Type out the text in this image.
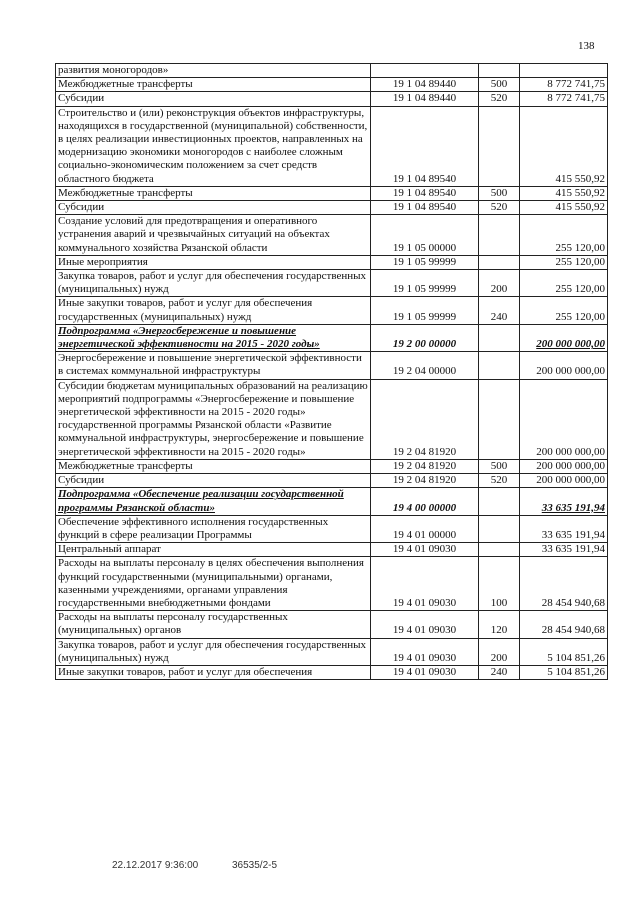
138
развития моногородов»			
Межбюджетные трансферты	19 1 04 89440	500	8 772 741,75
Субсидии	19 1 04 89440	520	8 772 741,75
Строительство и (или) реконструкция объектов инфраструктуры, находящихся в государственной (муниципальной) собственности, в целях реализации инвестиционных проектов, направленных на модернизацию экономики моногородов с наиболее сложным социально-экономическим положением за счет средств областного бюджета	19 1 04 89540		415 550,92
Межбюджетные трансферты	19 1 04 89540	500	415 550,92
Субсидии	19 1 04 89540	520	415 550,92
Создание условий для предотвращения и оперативного устранения аварий и чрезвычайных ситуаций на объектах коммунального хозяйства Рязанской области	19 1 05 00000		255 120,00
Иные мероприятия	19 1 05 99999		255 120,00
Закупка товаров, работ и услуг для обеспечения государственных (муниципальных) нужд	19 1 05 99999	200	255 120,00
Иные закупки товаров, работ и услуг для обеспечения государственных (муниципальных) нужд	19 1 05 99999	240	255 120,00
Подпрограмма «Энергосбережение и повышение энергетической эффективности на 2015 - 2020 годы»	19 2 00 00000		200 000 000,00
Энергосбережение и повышение энергетической эффективности в системах коммунальной инфраструктуры	19 2 04 00000		200 000 000,00
Субсидии бюджетам муниципальных образований на реализацию мероприятий подпрограммы «Энергосбережение и повышение энергетической эффективности на 2015 - 2020 годы» государственной программы Рязанской области «Развитие коммунальной инфраструктуры, энергосбережение и повышение энергетической эффективности на 2015 - 2020 годы»	19 2 04 81920		200 000 000,00
Межбюджетные трансферты	19 2 04 81920	500	200 000 000,00
Субсидии	19 2 04 81920	520	200 000 000,00
Подпрограмма «Обеспечение реализации государственной программы Рязанской области»	19 4 00 00000		33 635 191,94
Обеспечение эффективного исполнения государственных функций в сфере реализации Программы	19 4 01 00000		33 635 191,94
Центральный аппарат	19 4 01 09030		33 635 191,94
Расходы на выплаты персоналу в целях обеспечения выполнения функций государственными (муниципальными) органами, казенными учреждениями, органами управления государственными внебюджетными фондами	19 4 01 09030	100	28 454 940,68
Расходы на выплаты персоналу государственных (муниципальных) органов	19 4 01 09030	120	28 454 940,68
Закупка товаров, работ и услуг для обеспечения государственных (муниципальных) нужд	19 4 01 09030	200	5 104 851,26
Иные закупки товаров, работ и услуг для обеспечения	19 4 01 09030	240	5 104 851,26
22.12.2017 9:36:00	36535/2-5
